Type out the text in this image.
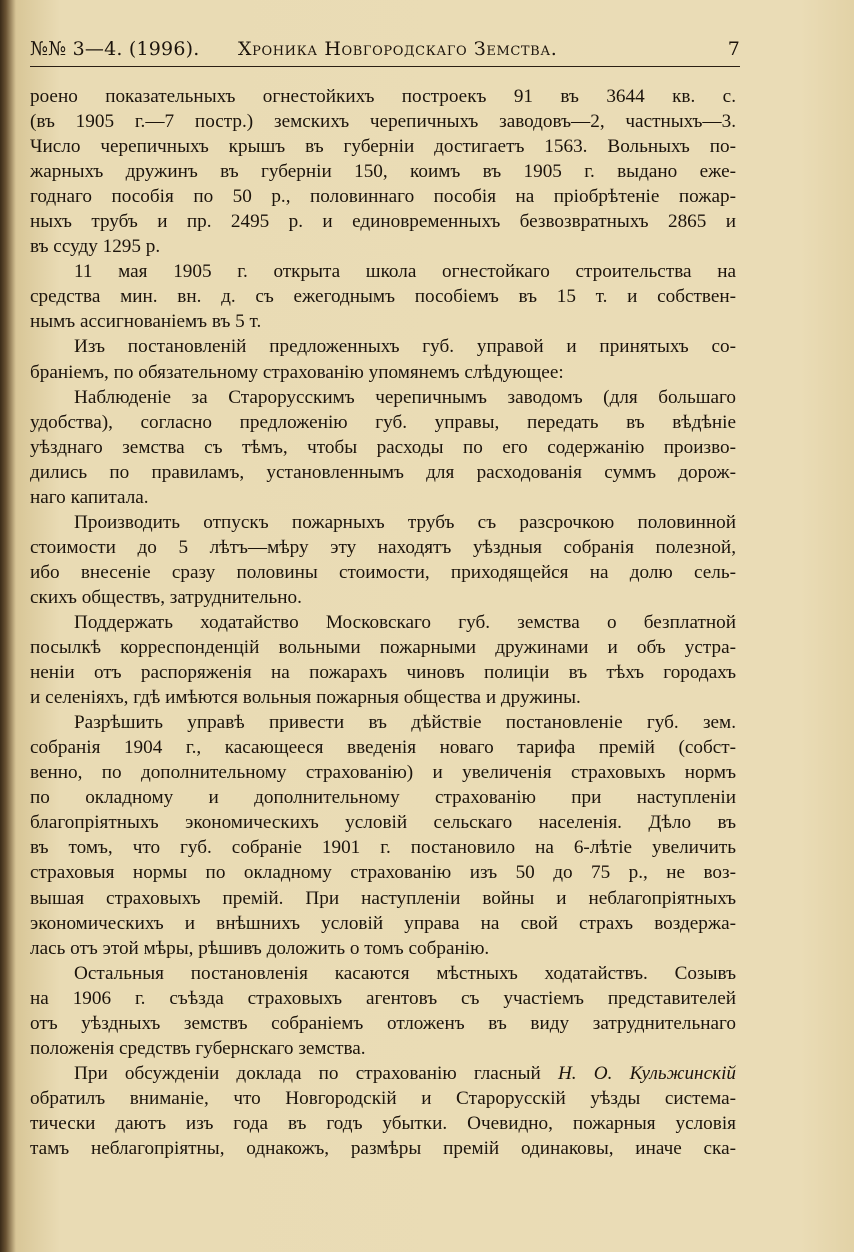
№№ 3—4. (1996). Хроника Новгородскаго Земства.	7
роено показательныхъ огнестойкихъ построекъ 91 въ 3644 кв. с.
(въ 1905 г.—7 постр.) земскихъ черепичныхъ заводовъ—2, частныхъ—3.
Число черепичныхъ крышъ въ губерніи достигаетъ 1563. Вольныхъ по-
жарныхъ дружинъ въ губерніи 150, коимъ въ 1905 г. выдано еже-
годнаго пособія по 50 р., половиннаго пособія на пріобрѣтеніе пожар-
ныхъ трубъ и пр. 2495 р. и единовременныхъ безвозвратныхъ 2865 и
въ ссуду 1295 р.
11 мая 1905 г. открыта школа огнестойкаго строительства на
средства мин. вн. д. съ ежегоднымъ пособіемъ въ 15 т. и собствен-
нымъ ассигнованіемъ въ 5 т.
Изъ постановленій предложенныхъ губ. управой и принятыхъ со-
браніемъ, по обязательному страхованію упомянемъ слѣдующее:
Наблюденіе за Старорусскимъ черепичнымъ заводомъ (для большаго
удобства), согласно предложенію губ. управы, передать въ вѣдѣніе
уѣзднаго земства съ тѣмъ, чтобы расходы по его содержанію произво-
дились по правиламъ, установленнымъ для расходованія суммъ дорож-
наго капитала.
Производить отпускъ пожарныхъ трубъ съ разсрочкою половинной
стоимости до 5 лѣтъ—мѣру эту находятъ уѣздныя собранія полезной,
ибо внесеніе сразу половины стоимости, приходящейся на долю сель-
скихъ обществъ, затруднительно.
Поддержать ходатайство Московскаго губ. земства о безплатной
посылкѣ корреспонденцій вольными пожарными дружинами и объ устра-
неніи отъ распоряженія на пожарахъ чиновъ полиціи въ тѣхъ городахъ
и селеніяхъ, гдѣ имѣются вольныя пожарныя общества и дружины.
Разрѣшить управѣ привести въ дѣйствіе постановленіе губ. зем.
собранія 1904 г., касающееся введенія новаго тарифа премій (собст-
венно, по дополнительному страхованію) и увеличенія страховыхъ нормъ
по окладному и дополнительному страхованію при наступленіи
благопріятныхъ экономическихъ условій сельскаго населенія. Дѣло въ
въ томъ, что губ. собраніе 1901 г. постановило на 6-лѣтіе увеличить
страховыя нормы по окладному страхованію изъ 50 до 75 р., не воз-
вышая страховыхъ премій. При наступленіи войны и неблагопріятныхъ
экономическихъ и внѣшнихъ условій управа на свой страхъ воздержа-
лась отъ этой мѣры, рѣшивъ доложить о томъ собранію.
Остальныя постановленія касаются мѣстныхъ ходатайствъ. Созывъ
на 1906 г. съѣзда страховыхъ агентовъ съ участіемъ представителей
отъ уѣздныхъ земствъ собраніемъ отложенъ въ виду затруднительнаго
положенія средствъ губернскаго земства.
При обсужденіи доклада по страхованію гласный Н. О. Кульжинскій
обратилъ вниманіе, что Новгородскій и Старорусскій уѣзды система-
тически даютъ изъ года въ годъ убытки. Очевидно, пожарныя условія
тамъ неблагопріятны, однакожъ, размѣры премій одинаковы, иначе ска-
